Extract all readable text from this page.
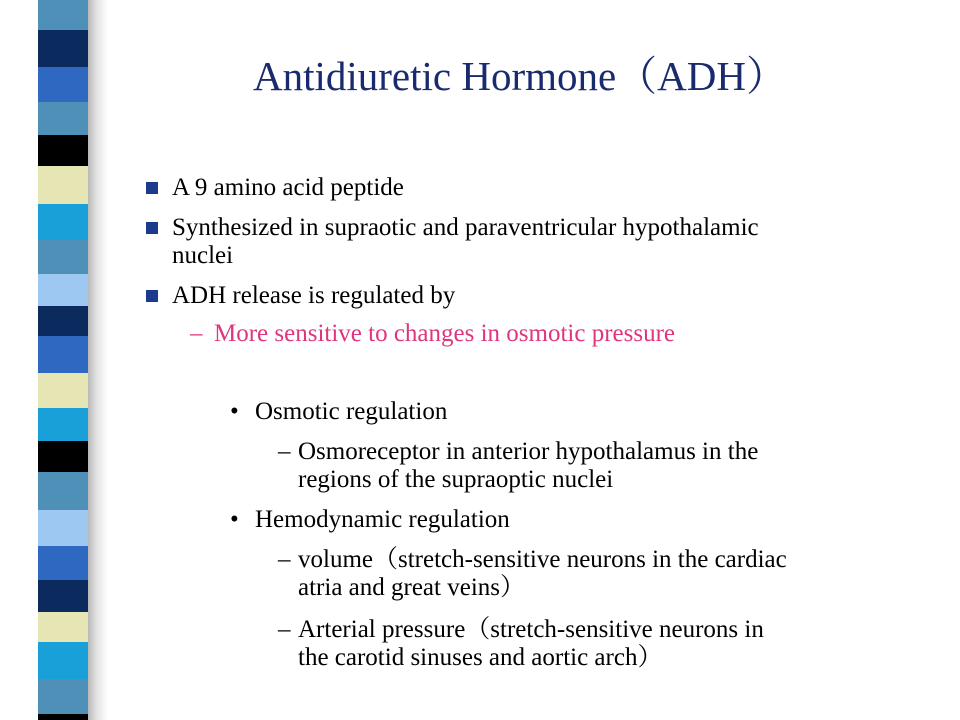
Antidiuretic Hormone（ADH）
A 9 amino acid peptide
Synthesized in supraotic and paraventricular hypothalamic
nuclei
ADH release is regulated by
– More sensitive to changes in osmotic pressure
• Osmotic regulation
– Osmoreceptor in anterior hypothalamus in the
regions of the supraoptic nuclei
• Hemodynamic regulation
– volume（stretch-sensitive neurons in the cardiac
atria and great veins）
– Arterial pressure（stretch-sensitive neurons in
the carotid sinuses and aortic arch）
